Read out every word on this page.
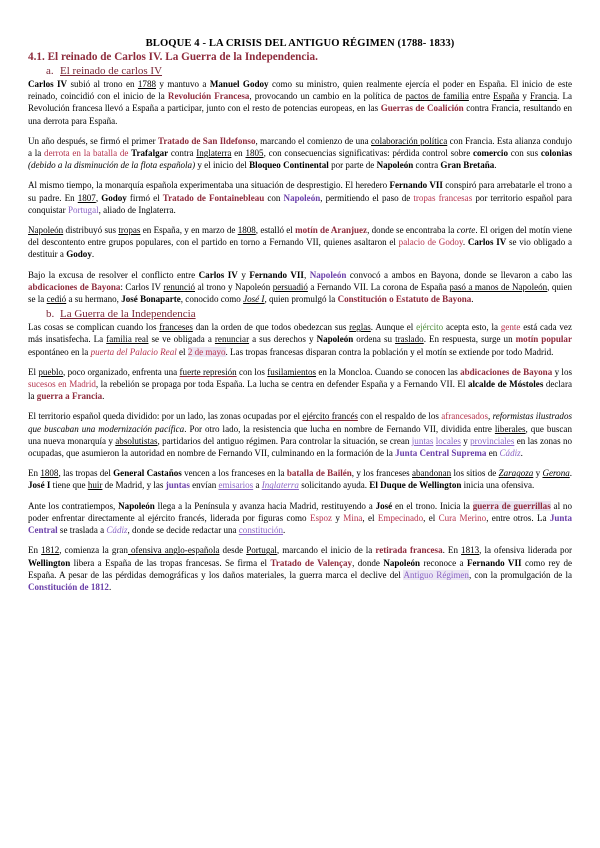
BLOQUE 4 - LA CRISIS DEL ANTIGUO RÉGIMEN (1788- 1833)
4.1. El reinado de Carlos IV. La Guerra de la Independencia.
a. El reinado de carlos IV

Carlos IV subió al trono en 1788 y mantuvo a Manuel Godoy como su ministro, quien realmente ejercía el poder en España. El inicio de este reinado, coincidió con el inicio de la Revolución Francesa, provocando un cambio en la política de pactos de familia entre España y Francia. La Revolución francesa llevó a España a participar, junto con el resto de potencias europeas, en las Guerras de Coalición contra Francia, resultando en una derrota para España.

Un año después, se firmó el primer Tratado de San Ildefonso, marcando el comienzo de una colaboración política con Francia. Esta alianza condujo a la derrota en la batalla de Trafalgar contra Inglaterra en 1805, con consecuencias significativas: pérdida control sobre comercio con sus colonias (debido a la disminución de la flota española) y el inicio del Bloqueo Continental por parte de Napoleón contra Gran Bretaña.

Al mismo tiempo, la monarquía española experimentaba una situación de desprestigio. El heredero Fernando VII conspiró para arrebatarle el trono a su padre. En 1807, Godoy firmó el Tratado de Fontainebleau con Napoleón, permitiendo el paso de tropas francesas por territorio español para conquistar Portugal, aliado de Inglaterra.

Napoleón distribuyó sus tropas en España, y en marzo de 1808, estalló el motín de Aranjuez, donde se encontraba la corte. El origen del motín viene del descontento entre grupos populares, con el partido en torno a Fernando VII, quienes asaltaron el palacio de Godoy. Carlos IV se vio obligado a destituir a Godoy.

Bajo la excusa de resolver el conflicto entre Carlos IV y Fernando VII, Napoleón convocó a ambos en Bayona, donde se llevaron a cabo las abdicaciones de Bayona: Carlos IV renunció al trono y Napoleón persuadió a Fernando VII. La corona de España pasó a manos de Napoleón, quien se la cedió a su hermano, José Bonaparte, conocido como José I, quien promulgó la Constitución o Estatuto de Bayona.

b. La Guerra de la Independencia

Las cosas se complican cuando los franceses dan la orden de que todos obedezcan sus reglas. Aunque el ejército acepta esto, la gente está cada vez más insatisfecha. La familia real se ve obligada a renunciar a sus derechos y Napoleón ordena su traslado. En respuesta, surge un motín popular espontáneo en la puerta del Palacio Real el 2 de mayo. Las tropas francesas disparan contra la población y el motín se extiende por todo Madrid.

El pueblo, poco organizado, enfrenta una fuerte represión con los fusilamientos en la Moncloa. Cuando se conocen las abdicaciones de Bayona y los sucesos en Madrid, la rebelión se propaga por toda España. La lucha se centra en defender España y a Fernando VII. El alcalde de Móstoles declara la guerra a Francia.

El territorio español queda dividido: por un lado, las zonas ocupadas por el ejército francés con el respaldo de los afrancesados, reformistas ilustrados que buscaban una modernización pacífica. Por otro lado, la resistencia que lucha en nombre de Fernando VII, dividida entre liberales, que buscan una nueva monarquía y absolutistas, partidarios del antiguo régimen. Para controlar la situación, se crean juntas locales y provinciales en las zonas no ocupadas, que asumieron la autoridad en nombre de Fernando VII, culminando en la formación de la Junta Central Suprema en Cádiz.

En 1808, las tropas del General Castaños vencen a los franceses en la batalla de Bailén, y los franceses abandonan los sitios de Zaragoza y Gerona. José I tiene que huir de Madrid, y las juntas envían emisarios a Inglaterra solicitando ayuda. El Duque de Wellington inicia una ofensiva.

Ante los contratiempos, Napoleón llega a la Península y avanza hacia Madrid, restituyendo a José en el trono. Inicia la guerra de guerrillas al no poder enfrentar directamente al ejército francés, liderada por figuras como Espoz y Mina, el Empecinado, el Cura Merino, entre otros. La Junta Central se traslada a Cádiz, donde se decide redactar una constitución.

En 1812, comienza la gran ofensiva anglo-española desde Portugal, marcando el inicio de la retirada francesa. En 1813, la ofensiva liderada por Wellington libera a España de las tropas francesas. Se firma el Tratado de Valençay, donde Napoleón reconoce a Fernando VII como rey de España. A pesar de las pérdidas demográficas y los daños materiales, la guerra marca el declive del Antiguo Régimen, con la promulgación de la Constitución de 1812.
